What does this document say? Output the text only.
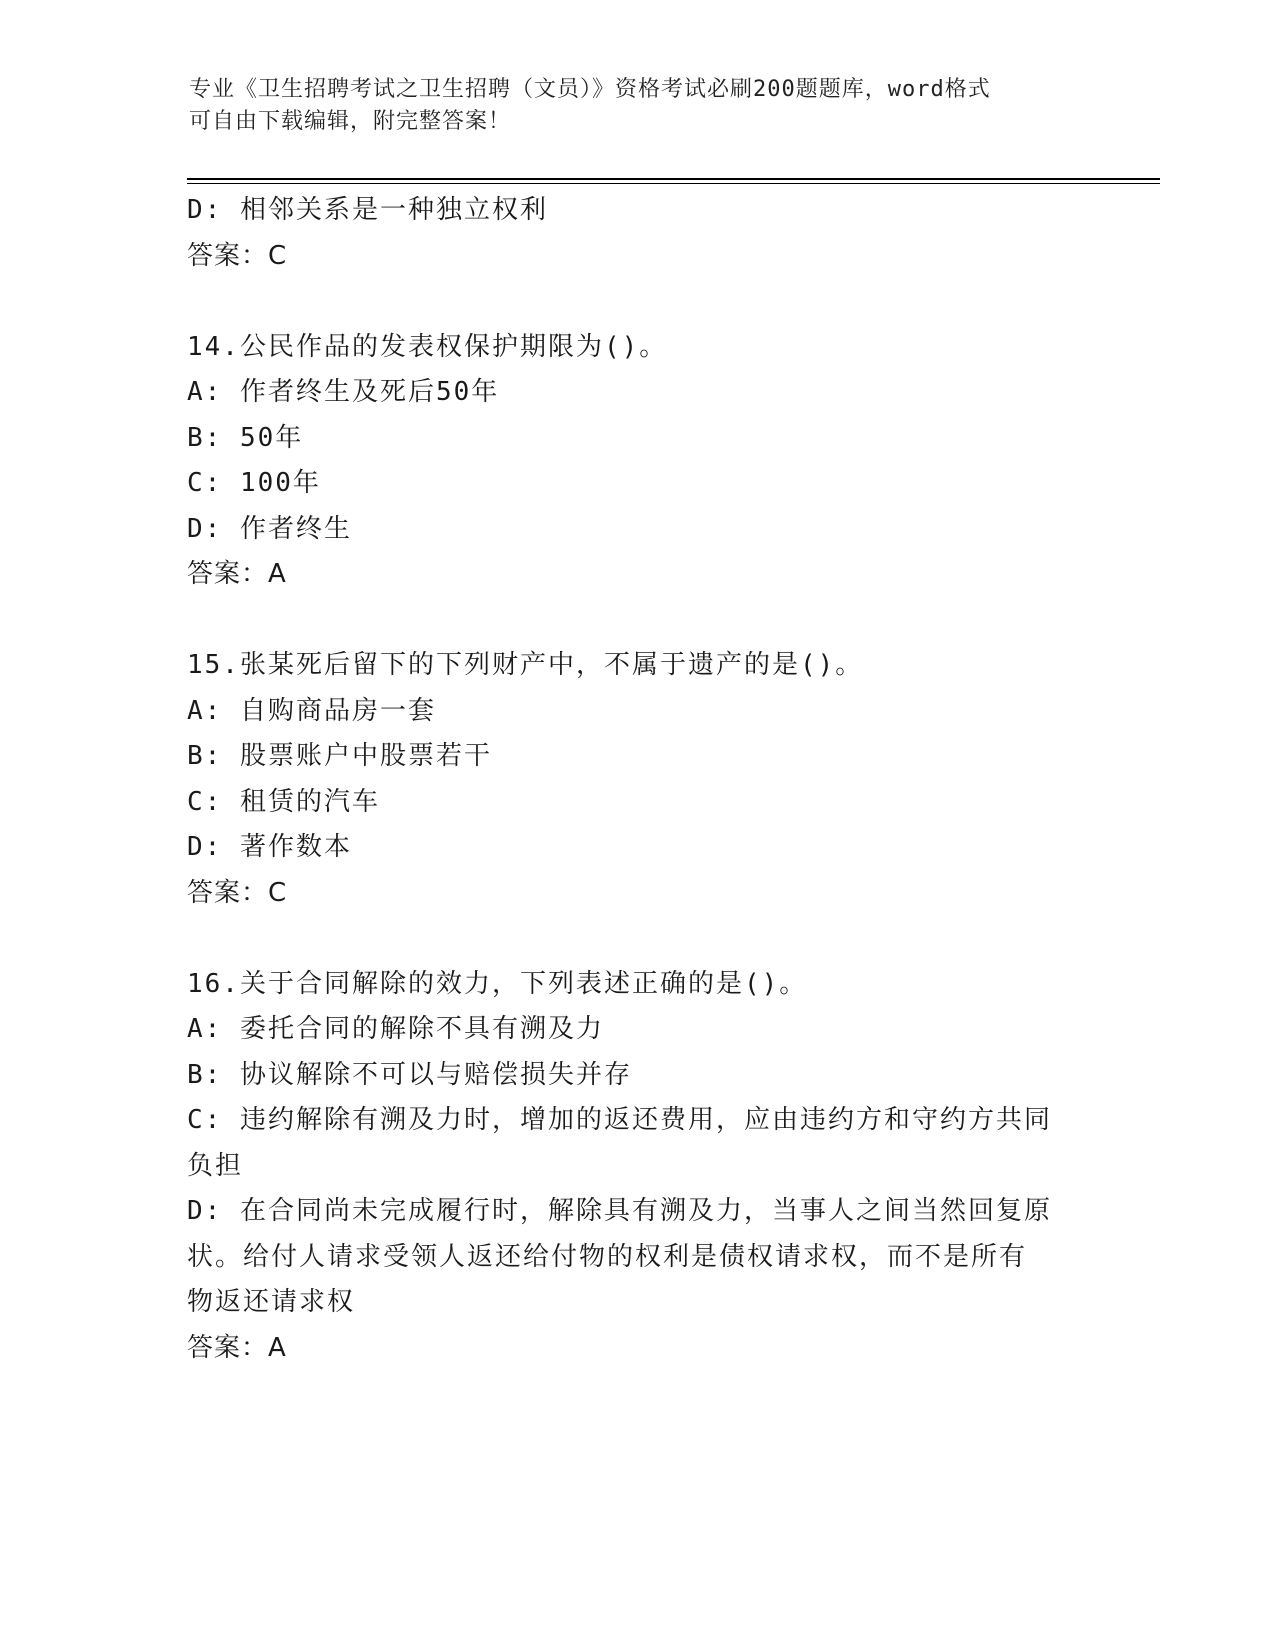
专业《卫生招聘考试之卫生招聘（文员）》资格考试必刷200题题库，word格式
可自由下载编辑，附完整答案！

D: 相邻关系是一种独立权利

答案：C

14.公民作品的发表权保护期限为()。

A: 作者终生及死后50年

B: 50年

C: 100年

D: 作者终生

答案：A

15.张某死后留下的下列财产中，不属于遗产的是()。

A: 自购商品房一套

B: 股票账户中股票若干

C: 租赁的汽车

D: 著作数本

答案：C

16.关于合同解除的效力，下列表述正确的是()。

A: 委托合同的解除不具有溯及力

B: 协议解除不可以与赔偿损失并存

C: 违约解除有溯及力时，增加的返还费用，应由违约方和守约方共同

负担

D: 在合同尚未完成履行时，解除具有溯及力，当事人之间当然回复原

状。给付人请求受领人返还给付物的权利是债权请求权，而不是所有

物返还请求权

答案：A
